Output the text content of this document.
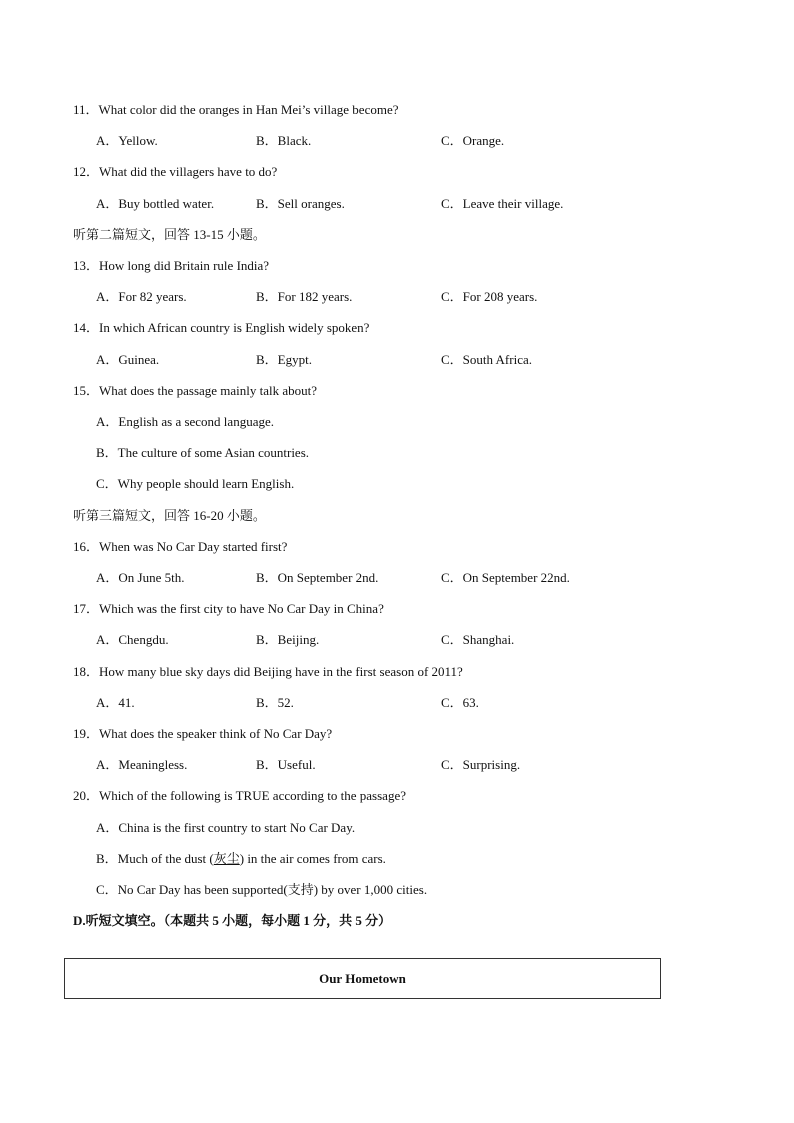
11．What color did the oranges in Han Mei’s village become?
A．Yellow.	B．Black.	C．Orange.
12．What did the villagers have to do?
A．Buy bottled water.	B．Sell oranges.	C．Leave their village.
听第二篇短文，回答 13-15 小题。
13．How long did Britain rule India?
A．For 82 years.	B．For 182 years.	C．For 208 years.
14．In which African country is English widely spoken?
A．Guinea.	B．Egypt.	C．South Africa.
15．What does the passage mainly talk about?
A．English as a second language.
B．The culture of some Asian countries.
C．Why people should learn English.
听第三篇短文，回答 16-20 小题。
16．When was No Car Day started first?
A．On June 5th.	B．On September 2nd.	C．On September 22nd.
17．Which was the first city to have No Car Day in China?
A．Chengdu.	B．Beijing.	C．Shanghai.
18．How many blue sky days did Beijing have in the first season of 2011?
A．41.	B．52.	C．63.
19．What does the speaker think of No Car Day?
A．Meaningless.	B．Useful.	C．Surprising.
20．Which of the following is TRUE according to the passage?
A．China is the first country to start No Car Day.
B．Much of the dust (灰尘) in the air comes from cars.
C．No Car Day has been supported(支持) by over 1,000 cities.
D.听短文填空。（本题共 5 小题，每小题 1 分，共 5 分）
Our Hometown
